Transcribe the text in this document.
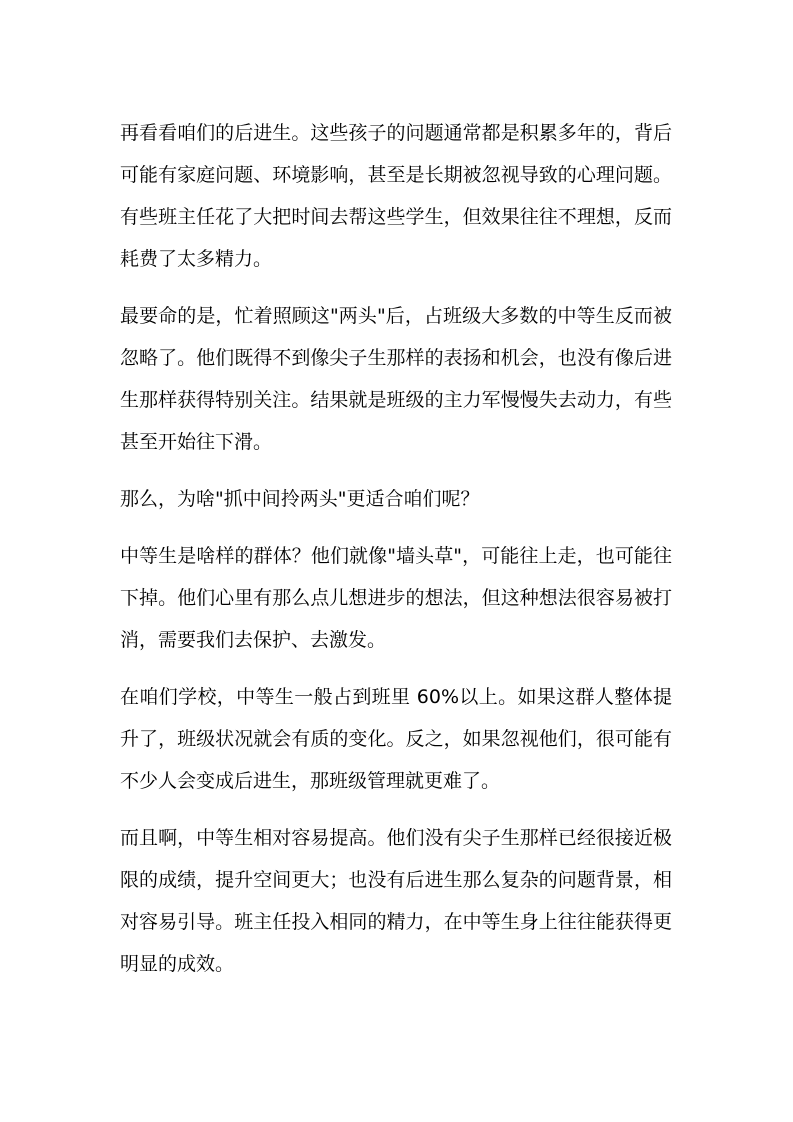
再看看咱们的后进生。这些孩子的问题通常都是积累多年的，背后可能有家庭问题、环境影响，甚至是长期被忽视导致的心理问题。有些班主任花了大把时间去帮这些学生，但效果往往不理想，反而耗费了太多精力。

最要命的是，忙着照顾这"两头"后，占班级大多数的中等生反而被忽略了。他们既得不到像尖子生那样的表扬和机会，也没有像后进生那样获得特别关注。结果就是班级的主力军慢慢失去动力，有些甚至开始往下滑。

那么，为啥"抓中间拎两头"更适合咱们呢？

中等生是啥样的群体？他们就像"墙头草"，可能往上走，也可能往下掉。他们心里有那么点儿想进步的想法，但这种想法很容易被打消，需要我们去保护、去激发。

在咱们学校，中等生一般占到班里 60%以上。如果这群人整体提升了，班级状况就会有质的变化。反之，如果忽视他们，很可能有不少人会变成后进生，那班级管理就更难了。

而且啊，中等生相对容易提高。他们没有尖子生那样已经很接近极限的成绩，提升空间更大；也没有后进生那么复杂的问题背景，相对容易引导。班主任投入相同的精力，在中等生身上往往能获得更明显的成效。
